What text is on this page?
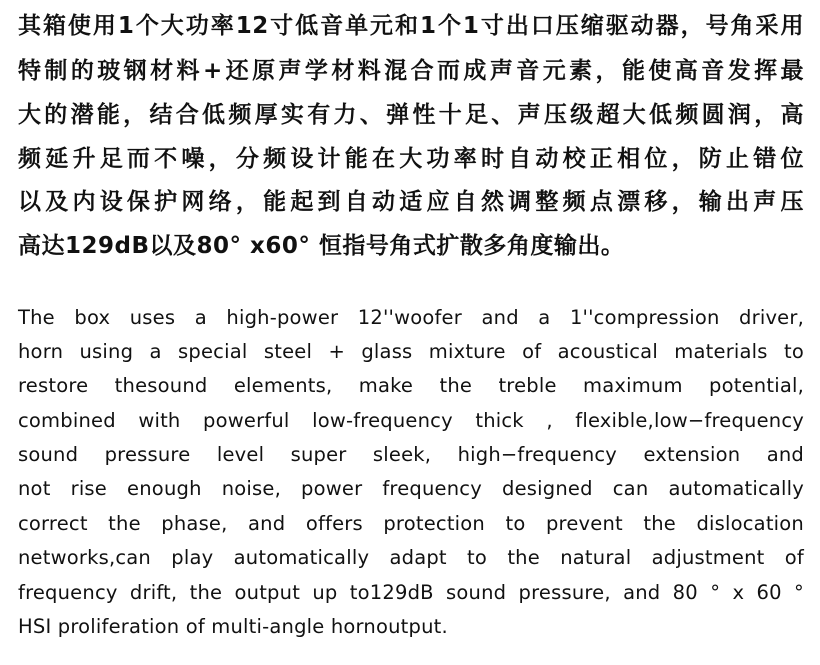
其箱使用1个大功率12寸低音单元和1个1寸出口压缩驱动器，号角采用
特制的玻钢材料+还原声学材料混合而成声音元素，能使高音发挥最
大的潜能，结合低频厚实有力、弹性十足、声压级超大低频圆润，高
频延升足而不噪，分频设计能在大功率时自动校正相位，防止错位
以及内设保护网络，能起到自动适应自然调整频点漂移，输出声压
高达129dB以及80° x60° 恒指号角式扩散多角度输出。
The box uses a high-power 12''woofer and a 1''compression driver,
horn using a special steel + glass mixture of acoustical materials to
restore thesound elements, make the treble maximum potential,
combined with powerful low-frequency thick , flexible,low−frequency
sound pressure level super sleek, high−frequency extension and
not rise enough noise, power frequency designed can automatically
correct the phase, and offers protection to prevent the dislocation
networks,can play automatically adapt to the natural adjustment of
frequency drift, the output up to129dB sound pressure, and 80 ° x 60 °
HSI proliferation of multi-angle hornoutput.
